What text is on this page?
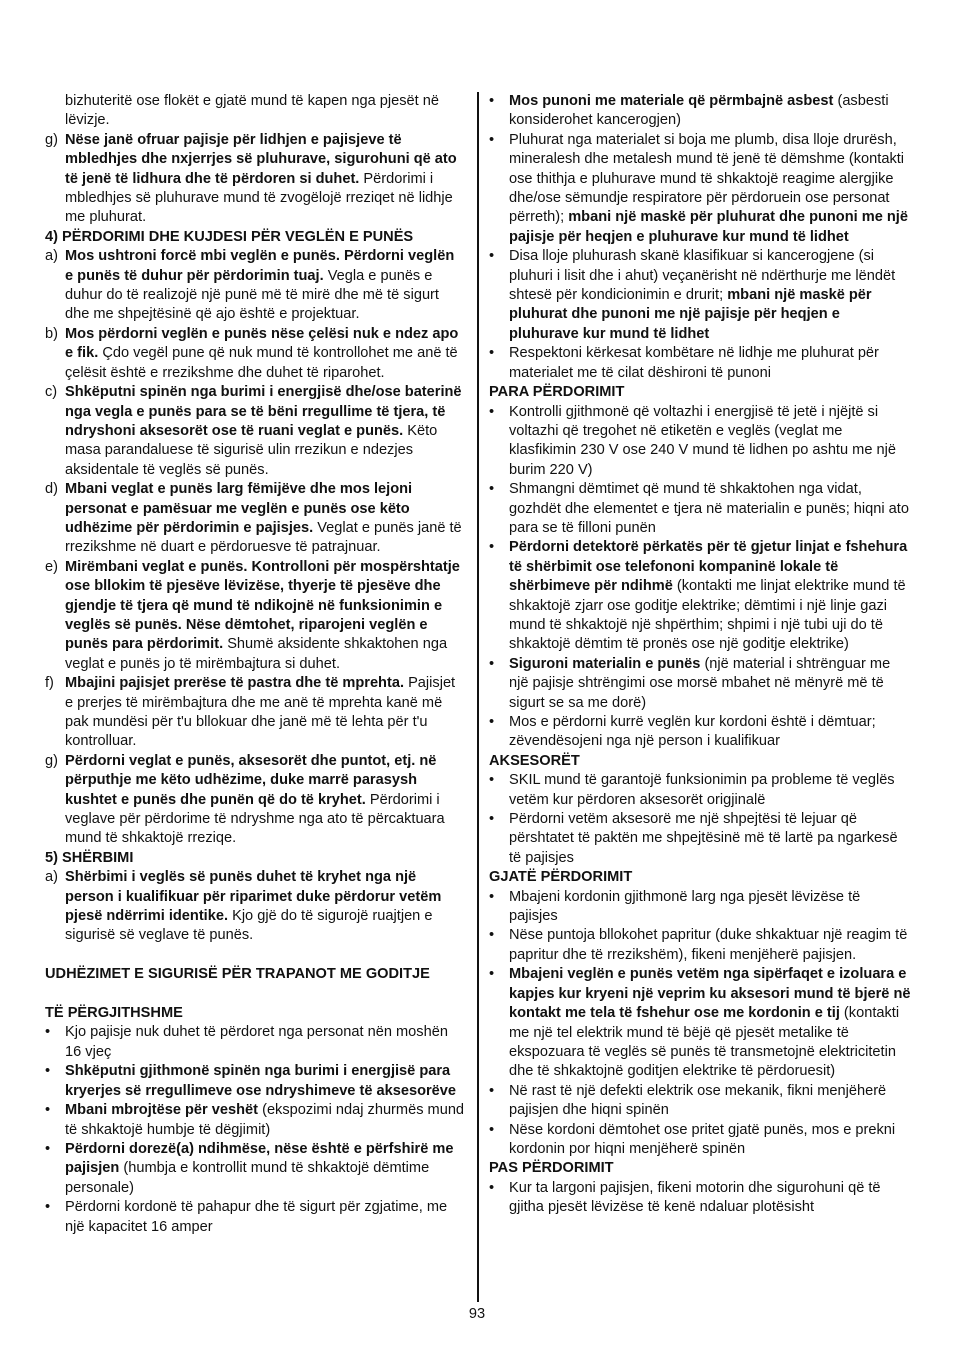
bizhuteritë ose flokët e gjatë mund të kapen nga pjesët në lëvizje.
g) Nëse janë ofruar pajisje për lidhjen e pajisjeve të mbledhjes dhe nxjerrjes së pluhurave, sigurohuni që ato të jenë të lidhura dhe të përdoren si duhet. Përdorimi i mbledhjes së pluhurave mund të zvogëlojë rreziqet në lidhje me pluhurat.
4) PËRDORIMI DHE KUJDESI PËR VEGLËN E PUNËS
a) Mos ushtroni forcë mbi veglën e punës. Përdorni veglën e punës të duhur për përdorimin tuaj. Vegla e punës e duhur do të realizojë një punë më të mirë dhe më të sigurt dhe me shpejtësinë që ajo është e projektuar.
b) Mos përdorni veglën e punës nëse çelësi nuk e ndez apo e fik. Çdo vegël pune që nuk mund të kontrollohet me anë të çelësit është e rrezikshme dhe duhet të riparohet.
c) Shkëputni spinën nga burimi i energjisë dhe/ose baterinë nga vegla e punës para se të bëni rregullime të tjera, të ndryshoni aksesorët ose të ruani veglat e punës. Këto masa parandaluese të sigurisë ulin rrezikun e ndezjes aksidentale të veglës së punës.
d) Mbani veglat e punës larg fëmijëve dhe mos lejoni personat e pamësuar me veglën e punës ose këto udhëzime për përdorimin e pajisjes. Veglat e punës janë të rrezikshme në duart e përdoruesve të patrajnuar.
e) Mirëmbani veglat e punës. Kontrolloni për mospërshtatje ose bllokim të pjesëve lëvizëse, thyerje të pjesëve dhe gjendje të tjera që mund të ndikojnë në funksionimin e veglës së punës. Nëse dëmtohet, riparojeni veglën e punës para përdorimit. Shumë aksidente shkaktohen nga veglat e punës jo të mirëmbajtura si duhet.
f) Mbajini pajisjet prerëse të pastra dhe të mprehta. Pajisjet e prerjes të mirëmbajtura dhe me anë të mprehta kanë më pak mundësi për t'u bllokuar dhe janë më të lehta për t'u kontrolluar.
g) Përdorni veglat e punës, aksesorët dhe puntot, etj. në përputhje me këto udhëzime, duke marrë parasysh kushtet e punës dhe punën që do të kryhet. Përdorimi i veglave për përdorime të ndryshme nga ato të përcaktuara mund të shkaktojë rreziqe.
5) SHËRBIMI
a) Shërbimi i veglës së punës duhet të kryhet nga një person i kualifikuar për riparimet duke përdorur vetëm pjesë ndërrimi identike. Kjo gjë do të sigurojë ruajtjen e sigurisë së veglave të punës.
UDHËZIMET E SIGURISË PËR TRAPANOT ME GODITJE
TË PËRGJITHSHME
•	Kjo pajisje nuk duhet të përdoret nga personat nën moshën 16 vjeç
•	Shkëputni gjithmonë spinën nga burimi i energjisë para kryerjes së rregullimeve ose ndryshimeve të aksesorëve
•	Mbani mbrojtëse për veshët (ekspozimi ndaj zhurmës mund të shkaktojë humbje të dëgjimit)
•	Përdorni dorezë(a) ndihmëse, nëse është e përfshirë me pajisjen (humbja e kontrollit mund të shkaktojë dëmtime personale)
•	Përdorni kordonë të pahapur dhe të sigurt për zgjatime, me një kapacitet 16 amper
•	Mos punoni me materiale që përmbajnë asbest (asbesti konsiderohet kancerogjen)
•	Pluhurat nga materialet si boja me plumb, disa lloje drurësh, mineralesh dhe metalesh mund të jenë të dëmshme (kontakti ose thithja e pluhurave mund të shkaktojë reagime alergjike dhe/ose sëmundje respiratore për përdoruein ose personat përreth); mbani një maskë për pluhurat dhe punoni me një pajisje për heqjen e pluhurave kur mund të lidhet
•	Disa lloje pluhurash skanë klasifikuar si kancerogjene (si pluhuri i lisit dhe i ahut) veçanërisht në ndërthurje me lëndët shtesë për kondicionimin e drurit; mbani një maskë për pluhurat dhe punoni me një pajisje për heqjen e pluhurave kur mund të lidhet
•	Respektoni kërkesat kombëtare në lidhje me pluhurat për materialet me të cilat dëshironi të punoni
PARA PËRDORIMIT
•	Kontrolli gjithmonë që voltazhi i energjisë të jetë i njëjtë si voltazhi që tregohet në etiketën e veglës (veglat me klasfikimin 230 V ose 240 V mund të lidhen po ashtu me një burim 220 V)
•	Shmangni dëmtimet që mund të shkaktohen nga vidat, gozhdët dhe elementet e tjera në materialin e punës; hiqni ato para se të filloni punën
•	Përdorni detektorë përkatës për të gjetur linjat e fshehura të shërbimit ose telefononi kompaninë lokale të shërbimeve për ndihmë (kontakti me linjat elektrike mund të shkaktojë zjarr ose goditje elektrike; dëmtimi i një linje gazi mund të shkaktojë një shpërthim; shpimi i një tubi uji do të shkaktojë dëmtim të pronës ose një goditje elektrike)
•	Siguroni materialin e punës (një material i shtrënguar me një pajisje shtrëngimi ose morsë mbahet në mënyrë më të sigurt se sa me dorë)
•	Mos e përdorni kurrë veglën kur kordoni është i dëmtuar; zëvendësojeni nga një person i kualifikuar
AKSESORËT
•	SKIL mund të garantojë funksionimin pa probleme të veglës vetëm kur përdoren aksesorët origjinalë
•	Përdorni vetëm aksesorë me një shpejtësi të lejuar që përshtatet të paktën me shpejtësinë më të lartë pa ngarkesë të pajisjes
GJATË PËRDORIMIT
•	Mbajeni kordonin gjithmonë larg nga pjesët lëvizëse të pajisjes
•	Nëse puntoja bllokohet papritur (duke shkaktuar një reagim të papritur dhe të rrezikshëm), fikeni menjëherë pajisjen.
•	Mbajeni veglën e punës vetëm nga sipërfaqet e izoluara e kapjes kur kryeni një veprim ku aksesori mund të bjerë në kontakt me tela të fshehur ose me kordonin e tij (kontakti me një tel elektrik mund të bëjë që pjesët metalike të ekspozuara të veglës së punës të transmetojnë elektricitetin dhe të shkaktojnë goditjen elektrike të përdoruesit)
•	Në rast të një defekti elektrik ose mekanik, fikni menjëherë pajisjen dhe hiqni spinën
•	Nëse kordoni dëmtohet ose pritet gjatë punës, mos e prekni kordonin por hiqni menjëherë spinën
PAS PËRDORIMIT
•	Kur ta largoni pajisjen, fikeni motorin dhe sigurohuni që të gjitha pjesët lëvizëse të kenë ndaluar plotësisht
93
